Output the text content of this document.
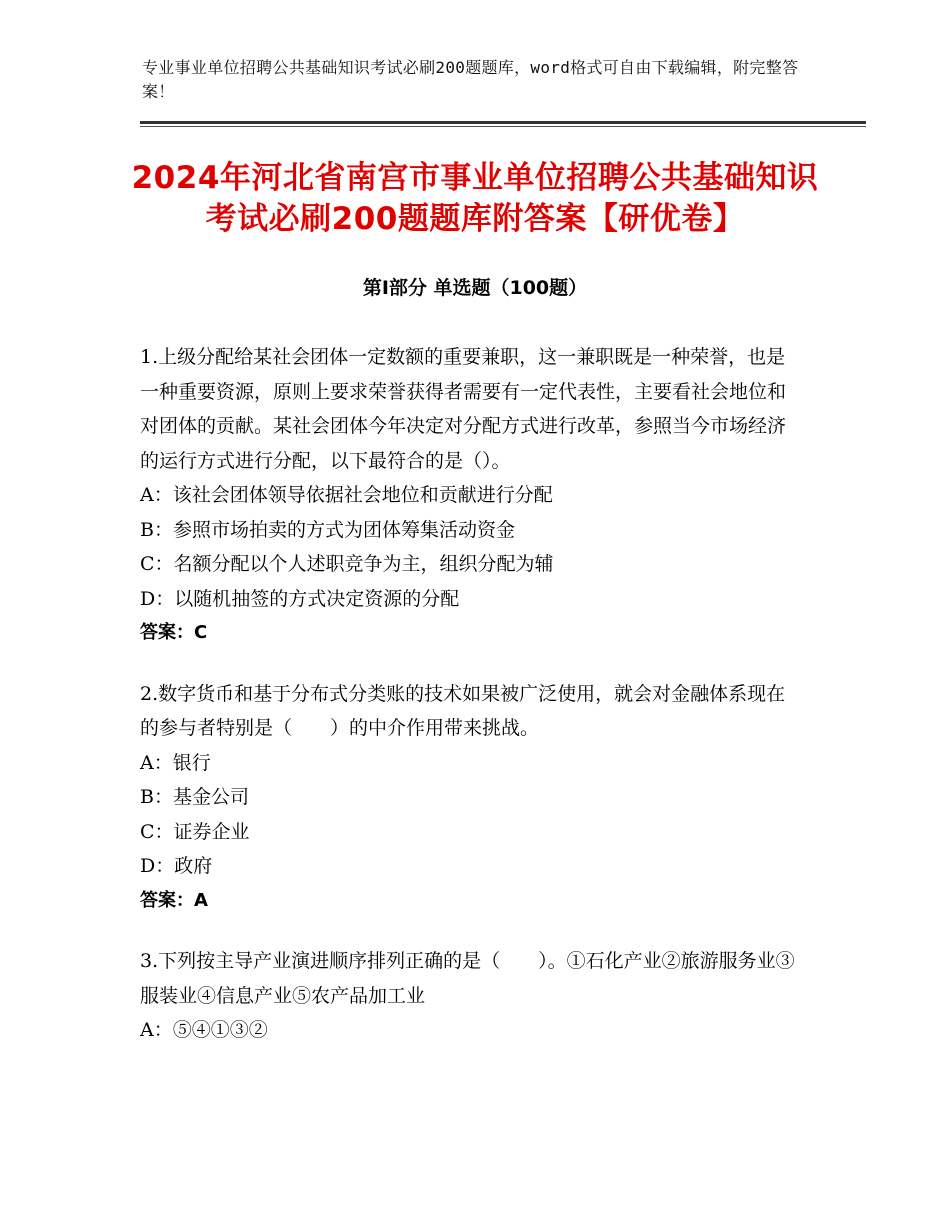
专业事业单位招聘公共基础知识考试必刷200题题库，word格式可自由下载编辑，附完整答案！
2024年河北省南宫市事业单位招聘公共基础知识考试必刷200题题库附答案【研优卷】
第I部分 单选题（100题）

1.上级分配给某社会团体一定数额的重要兼职，这一兼职既是一种荣誉，也是一种重要资源，原则上要求荣誉获得者需要有一定代表性，主要看社会地位和对团体的贡献。某社会团体今年决定对分配方式进行改革，参照当今市场经济的运行方式进行分配，以下最符合的是（）。

A：该社会团体领导依据社会地位和贡献进行分配

B：参照市场拍卖的方式为团体筹集活动资金

C：名额分配以个人述职竞争为主，组织分配为辅

D：以随机抽签的方式决定资源的分配

答案：C

2.数字货币和基于分布式分类账的技术如果被广泛使用，就会对金融体系现在的参与者特别是（　　）的中介作用带来挑战。

A：银行

B：基金公司

C：证券企业

D：政府

答案：A

3.下列按主导产业演进顺序排列正确的是（　　）。①石化产业②旅游服务业③服装业④信息产业⑤农产品加工业

A：⑤④①③②
